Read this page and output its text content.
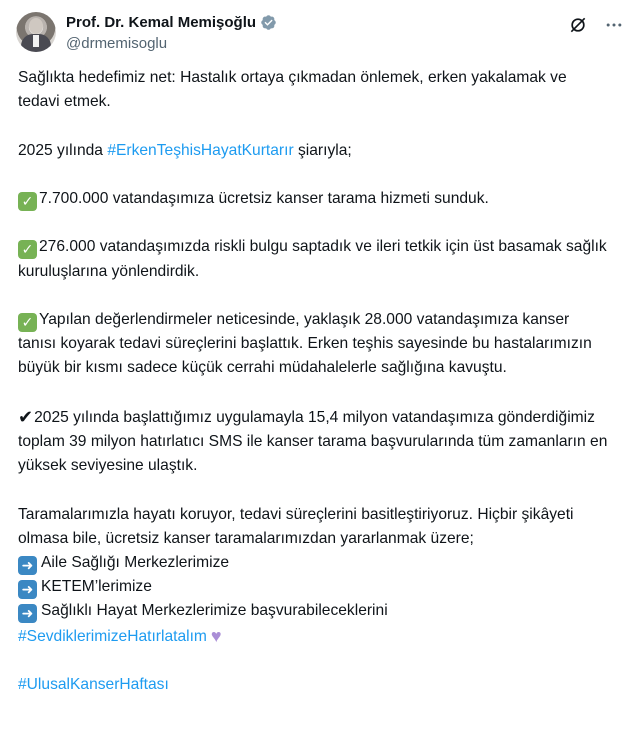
Prof. Dr. Kemal Memişoğlu
@drmemisoglu
Sağlıkta hedefimiz net: Hastalık ortaya çıkmadan önlemek, erken yakalamak ve tedavi etmek.
2025 yılında #ErkenTeşhisHayatKurtarır şiarıyla;
✓ 7.700.000 vatandaşımıza ücretsiz kanser tarama hizmeti sunduk.
✓ 276.000 vatandaşımızda riskli bulgu saptadık ve ileri tetkik için üst basamak sağlık kuruluşlarına yönlendirdik.
✓ Yapılan değerlendirmeler neticesinde, yaklaşık 28.000 vatandaşımıza kanser tanısı koyarak tedavi süreçlerini başlattık. Erken teşhis sayesinde bu hastalarımızın büyük bir kısmı sadece küçük cerrahi müdahalelerle sağlığına kavuştu.
✔2025 yılında başlattığımız uygulamayla 15,4 milyon vatandaşımıza gönderdiğimiz toplam 39 milyon hatırlatıcı SMS ile kanser tarama başvurularında tüm zamanların en yüksek seviyesine ulaştık.
Taramalarımızla hayatı koruyor, tedavi süreçlerini basitleştiriyoruz. Hiçbir şikâyeti olmasa bile, ücretsiz kanser taramalarımızdan yararlanmak üzere;
➜ Aile Sağlığı Merkezlerimize
➜ KETEM’lerimize
➜ Sağlıklı Hayat Merkezlerimize başvurabileceklerini
#SevdiklerimizeHatırlatalım ♥
#UlusalKanserHaftası
